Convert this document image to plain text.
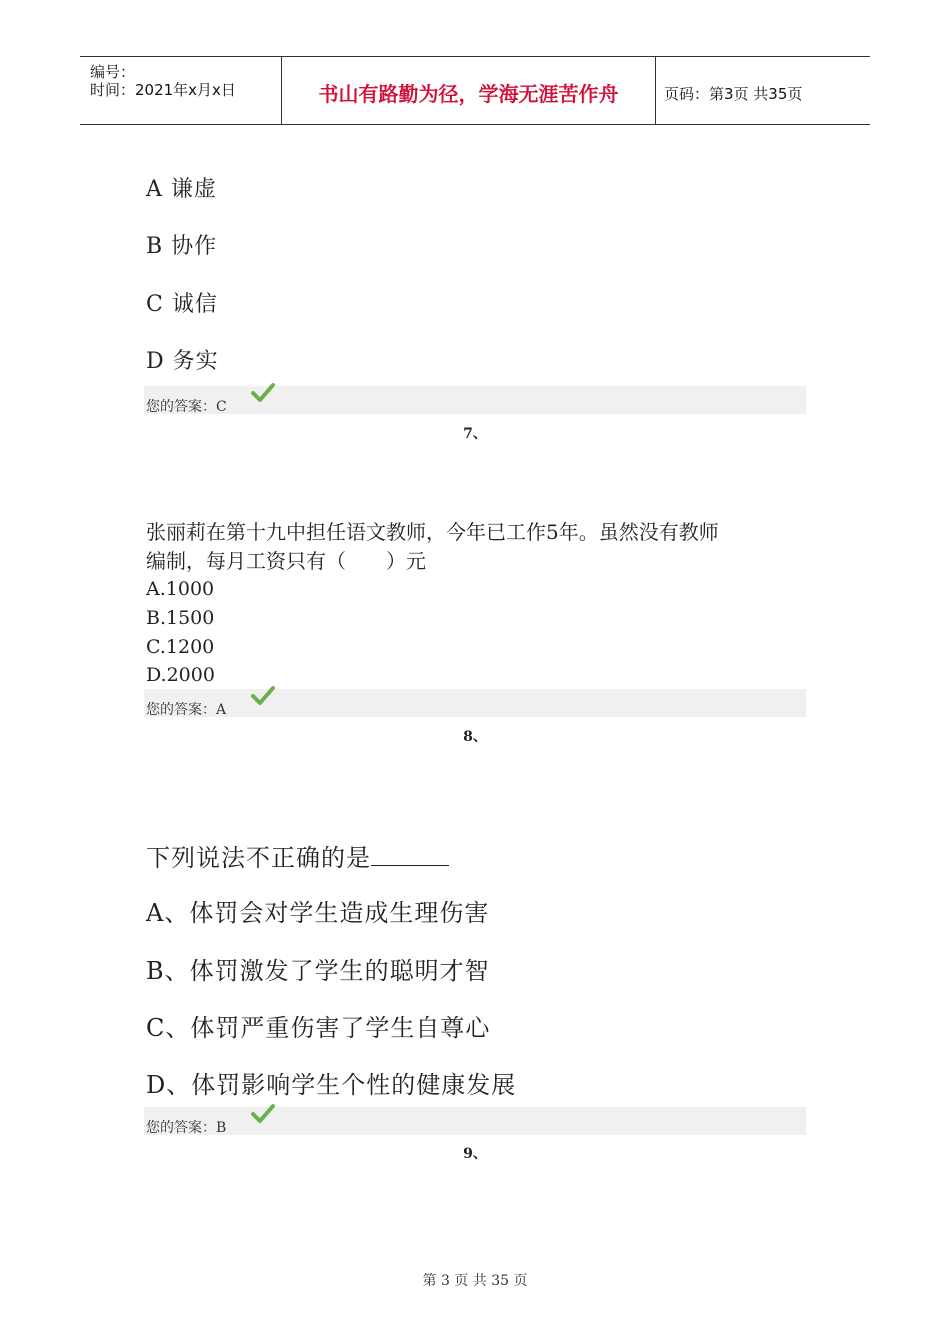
编号：
时间：2021年x月x日	书山有路勤为径，学海无涯苦作舟	页码：第3页 共35页
A 谦虚
B 协作
C 诚信
D 务实
您的答案：C
7、
张丽莉在第十九中担任语文教师，今年已工作5年。虽然没有教师
编制，每月工资只有（　　）元
A.1000
B.1500
C.1200
D.2000
您的答案：A
8、
下列说法不正确的是
A、体罚会对学生造成生理伤害
B、体罚激发了学生的聪明才智
C、体罚严重伤害了学生自尊心
D、体罚影响学生个性的健康发展
您的答案：B
9、
第 3 页 共 35 页
